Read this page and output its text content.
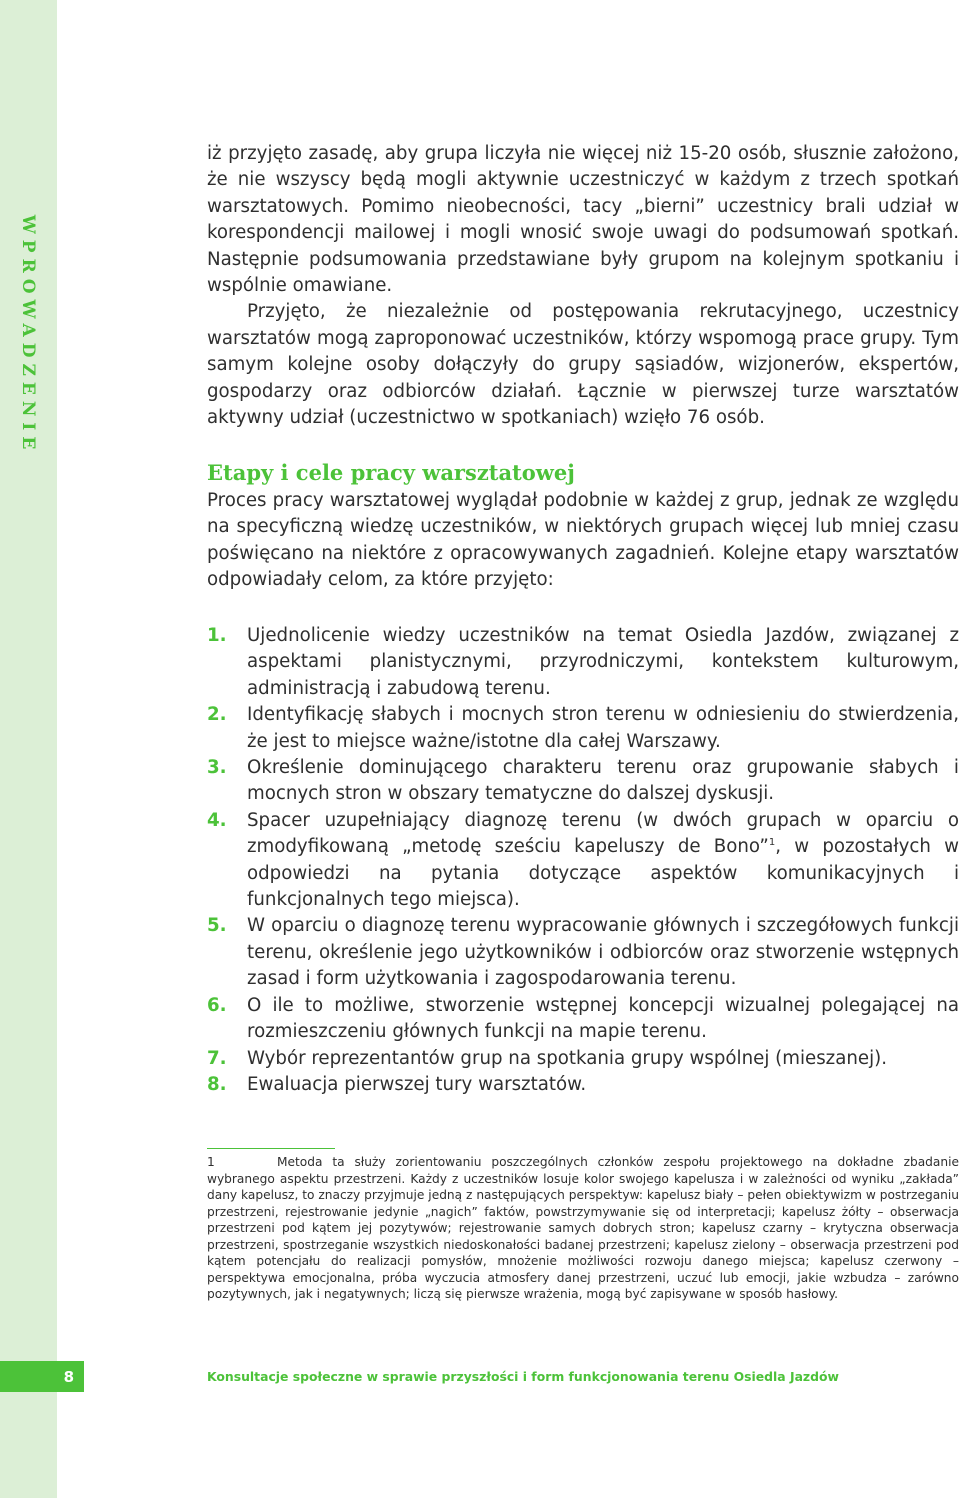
WPROWADZENIE
iż przyjęto zasadę, aby grupa liczyła nie więcej niż 15-20 osób, słusznie założono, że nie wszyscy będą mogli aktywnie uczestniczyć w każdym z trzech spotkań warsztatowych. Pomimo nieobecności, tacy „bierni” uczestnicy brali udział w korespondencji mailowej i mogli wnosić swoje uwagi do podsumowań spotkań. Następnie podsumowania przedstawiane były grupom na kolejnym spotkaniu i wspólnie omawiane.
Przyjęto, że niezależnie od postępowania rekrutacyjnego, uczestnicy warsztatów mogą zaproponować uczestników, którzy wspomogą prace grupy. Tym samym kolejne osoby dołączyły do grupy sąsiadów, wizjonerów, ekspertów, gospodarzy oraz odbiorców działań. Łącznie w pierwszej turze warsztatów aktywny udział (uczestnictwo w spotkaniach) wzięło 76 osób.
Etapy i cele pracy warsztatowej
Proces pracy warsztatowej wyglądał podobnie w każdej z grup, jednak ze względu na specyficzną wiedzę uczestników, w niektórych grupach więcej lub mniej czasu poświęcano na niektóre z opracowywanych zagadnień. Kolejne etapy warsztatów odpowiadały celom, za które przyjęto:
1. Ujednolicenie wiedzy uczestników na temat Osiedla Jazdów, związanej z aspektami planistycznymi, przyrodniczymi, kontekstem kulturowym, administracją i zabudową terenu.
2. Identyfikację słabych i mocnych stron terenu w odniesieniu do stwierdzenia, że jest to miejsce ważne/istotne dla całej Warszawy.
3. Określenie dominującego charakteru terenu oraz grupowanie słabych i mocnych stron w obszary tematyczne do dalszej dyskusji.
4. Spacer uzupełniający diagnozę terenu (w dwóch grupach w oparciu o zmodyfikowaną „metodę sześciu kapeluszy de Bono”$^1$, w pozostałych w odpowiedzi na pytania dotyczące aspektów komunikacyjnych i funkcjonalnych tego miejsca).
5. W oparciu o diagnozę terenu wypracowanie głównych i szczegółowych funkcji terenu, określenie jego użytkowników i odbiorców oraz stworzenie wstępnych zasad i form użytkowania i zagospodarowania terenu.
6. O ile to możliwe, stworzenie wstępnej koncepcji wizualnej polegającej na rozmieszczeniu głównych funkcji na mapie terenu.
7. Wybór reprezentantów grup na spotkania grupy wspólnej (mieszanej).
8. Ewaluacja pierwszej tury warsztatów.
1	Metoda ta służy zorientowaniu poszczególnych członków zespołu projektowego na dokładne zbadanie wybranego aspektu przestrzeni. Każdy z uczestników losuje kolor swojego kapelusza i w zależności od wyniku „zakłada” dany kapelusz, to znaczy przyjmuje jedną z następujących perspektyw: kapelusz biały – pełen obiektywizm w postrzeganiu przestrzeni, rejestrowanie jedynie „nagich” faktów, powstrzymywanie się od interpretacji; kapelusz żółty – obserwacja przestrzeni pod kątem jej pozytywów; rejestrowanie samych dobrych stron; kapelusz czarny – krytyczna obserwacja przestrzeni, spostrzeganie wszystkich niedoskonałości badanej przestrzeni; kapelusz zielony – obserwacja przestrzeni pod kątem potencjału do realizacji pomysłów, mnożenie możliwości rozwoju danego miejsca; kapelusz czerwony – perspektywa emocjonalna, próba wyczucia atmosfery danej przestrzeni, uczuć lub emocji, jakie wzbudza – zarówno pozytywnych, jak i negatywnych; liczą się pierwsze wrażenia, mogą być zapisywane w sposób hasłowy.
8	Konsultacje społeczne w sprawie przyszłości i form funkcjonowania terenu Osiedla Jazdów
